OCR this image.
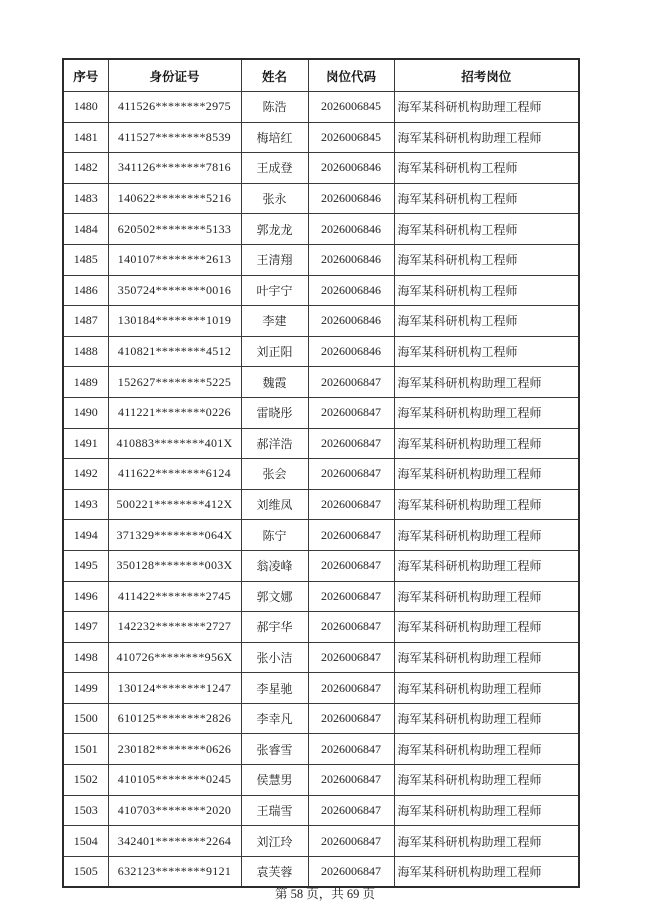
序号	身份证号	姓名	岗位代码	招考岗位
1480	411526********2975	陈浩	2026006845	海军某科研机构助理工程师
1481	411527********8539	梅培红	2026006845	海军某科研机构助理工程师
1482	341126********7816	王成登	2026006846	海军某科研机构工程师
1483	140622********5216	张永	2026006846	海军某科研机构工程师
1484	620502********5133	郭龙龙	2026006846	海军某科研机构工程师
1485	140107********2613	王清翔	2026006846	海军某科研机构工程师
1486	350724********0016	叶宇宁	2026006846	海军某科研机构工程师
1487	130184********1019	李建	2026006846	海军某科研机构工程师
1488	410821********4512	刘正阳	2026006846	海军某科研机构工程师
1489	152627********5225	魏霞	2026006847	海军某科研机构助理工程师
1490	411221********0226	雷晓彤	2026006847	海军某科研机构助理工程师
1491	410883********401X	郝洋浩	2026006847	海军某科研机构助理工程师
1492	411622********6124	张会	2026006847	海军某科研机构助理工程师
1493	500221********412X	刘维凤	2026006847	海军某科研机构助理工程师
1494	371329********064X	陈宁	2026006847	海军某科研机构助理工程师
1495	350128********003X	翁凌峰	2026006847	海军某科研机构助理工程师
1496	411422********2745	郭文娜	2026006847	海军某科研机构助理工程师
1497	142232********2727	郝宇华	2026006847	海军某科研机构助理工程师
1498	410726********956X	张小洁	2026006847	海军某科研机构助理工程师
1499	130124********1247	李星驰	2026006847	海军某科研机构助理工程师
1500	610125********2826	李幸凡	2026006847	海军某科研机构助理工程师
1501	230182********0626	张睿雪	2026006847	海军某科研机构助理工程师
1502	410105********0245	侯慧男	2026006847	海军某科研机构助理工程师
1503	410703********2020	王瑞雪	2026006847	海军某科研机构助理工程师
1504	342401********2264	刘江玲	2026006847	海军某科研机构助理工程师
1505	632123********9121	袁芙蓉	2026006847	海军某科研机构助理工程师
第 58 页，共 69 页
